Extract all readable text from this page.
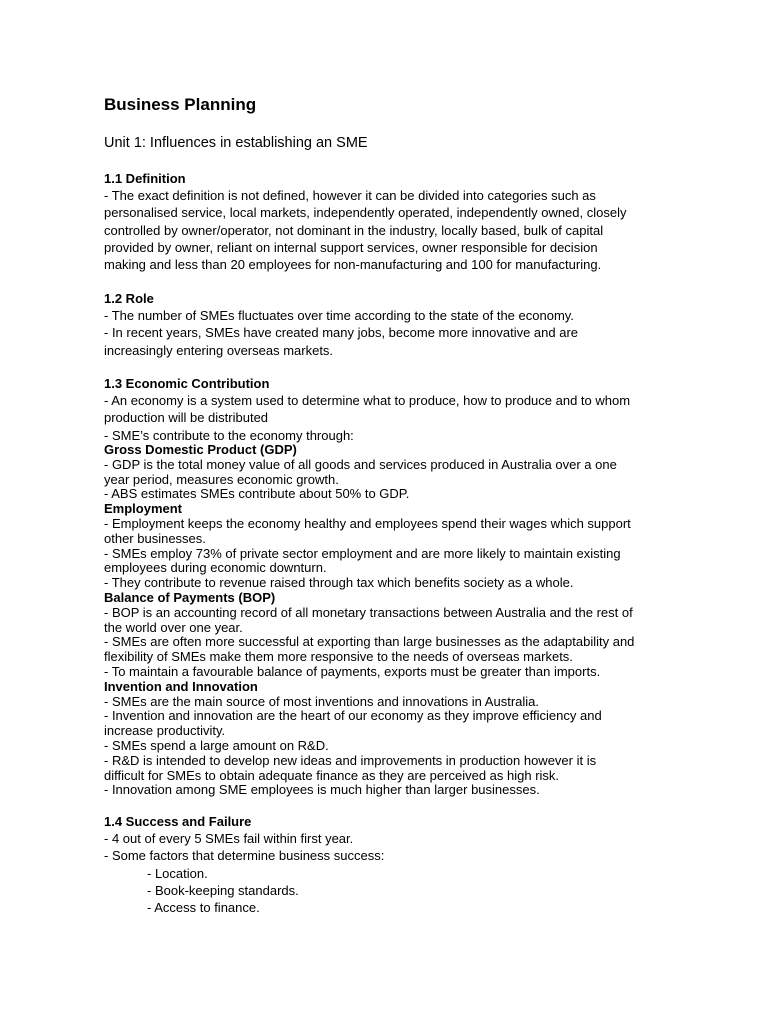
Business Planning

Unit 1: Influences in establishing an SME

1.1 Definition

- The exact definition is not defined, however it can be divided into categories such as

personalised service, local markets, independently operated, independently owned, closely

controlled by owner/operator, not dominant in the industry, locally based, bulk of capital

provided by owner, reliant on internal support services, owner responsible for decision

making and less than 20 employees for non-manufacturing and 100 for manufacturing.

1.2 Role

- The number of SMEs fluctuates over time according to the state of the economy.

- In recent years, SMEs have created many jobs, become more innovative and are

increasingly entering overseas markets.

1.3 Economic Contribution

- An economy is a system used to determine what to produce, how to produce and to whom

production will be distributed

- SME’s contribute to the economy through:

Gross Domestic Product (GDP)

- GDP is the total money value of all goods and services produced in Australia over a one

year period, measures economic growth.

- ABS estimates SMEs contribute about 50% to GDP.

Employment

- Employment keeps the economy healthy and employees spend their wages which support

other businesses.

- SMEs employ 73% of private sector employment and are more likely to maintain existing

employees during economic downturn.

- They contribute to revenue raised through tax which benefits society as a whole.

Balance of Payments (BOP)

- BOP is an accounting record of all monetary transactions between Australia and the rest of

the world over one year.

- SMEs are often more successful at exporting than large businesses as the adaptability and

flexibility of SMEs make them more responsive to the needs of overseas markets.

- To maintain a favourable balance of payments, exports must be greater than imports.

Invention and Innovation

- SMEs are the main source of most inventions and innovations in Australia.

- Invention and innovation are the heart of our economy as they improve efficiency and

increase productivity.

- SMEs spend a large amount on R&D.

- R&D is intended to develop new ideas and improvements in production however it is

difficult for SMEs to obtain adequate finance as they are perceived as high risk.

- Innovation among SME employees is much higher than larger businesses.

1.4 Success and Failure

- 4 out of every 5 SMEs fail within first year.

- Some factors that determine business success:

- Location.

- Book-keeping standards.

- Access to finance.
